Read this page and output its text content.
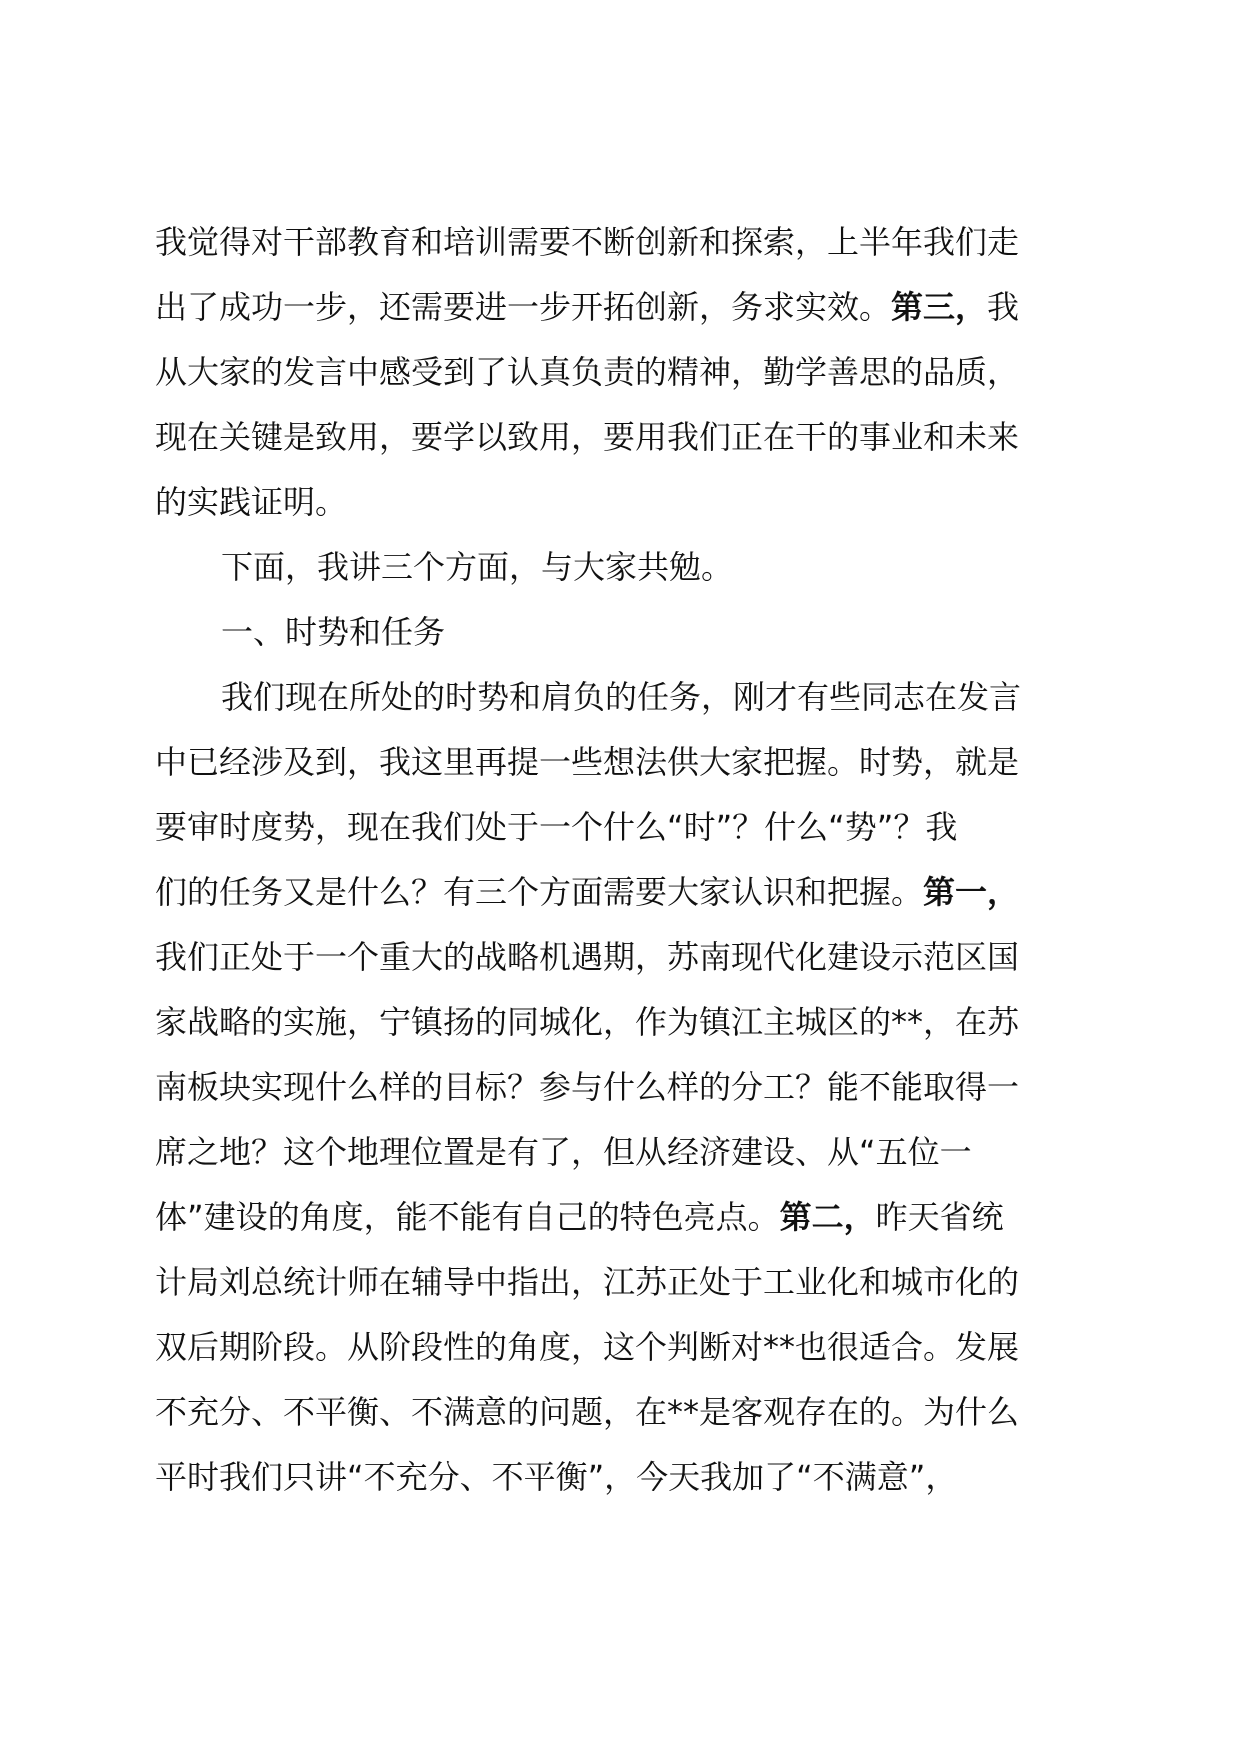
我觉得对干部教育和培训需要不断创新和探索，上半年我们走
出了成功一步，还需要进一步开拓创新，务求实效。第三，我
从大家的发言中感受到了认真负责的精神，勤学善思的品质，
现在关键是致用，要学以致用，要用我们正在干的事业和未来
的实践证明。
下面，我讲三个方面，与大家共勉。
一、时势和任务
我们现在所处的时势和肩负的任务，刚才有些同志在发言
中已经涉及到，我这里再提一些想法供大家把握。时势，就是
要审时度势，现在我们处于一个什么“时”？什么“势”？我
们的任务又是什么？有三个方面需要大家认识和把握。第一，
我们正处于一个重大的战略机遇期，苏南现代化建设示范区国
家战略的实施，宁镇扬的同城化，作为镇江主城区的**，在苏
南板块实现什么样的目标？参与什么样的分工？能不能取得一
席之地？这个地理位置是有了，但从经济建设、从“五位一
体”建设的角度，能不能有自己的特色亮点。第二，昨天省统
计局刘总统计师在辅导中指出，江苏正处于工业化和城市化的
双后期阶段。从阶段性的角度，这个判断对**也很适合。发展
不充分、不平衡、不满意的问题，在**是客观存在的。为什么
平时我们只讲“不充分、不平衡”，今天我加了“不满意”，
